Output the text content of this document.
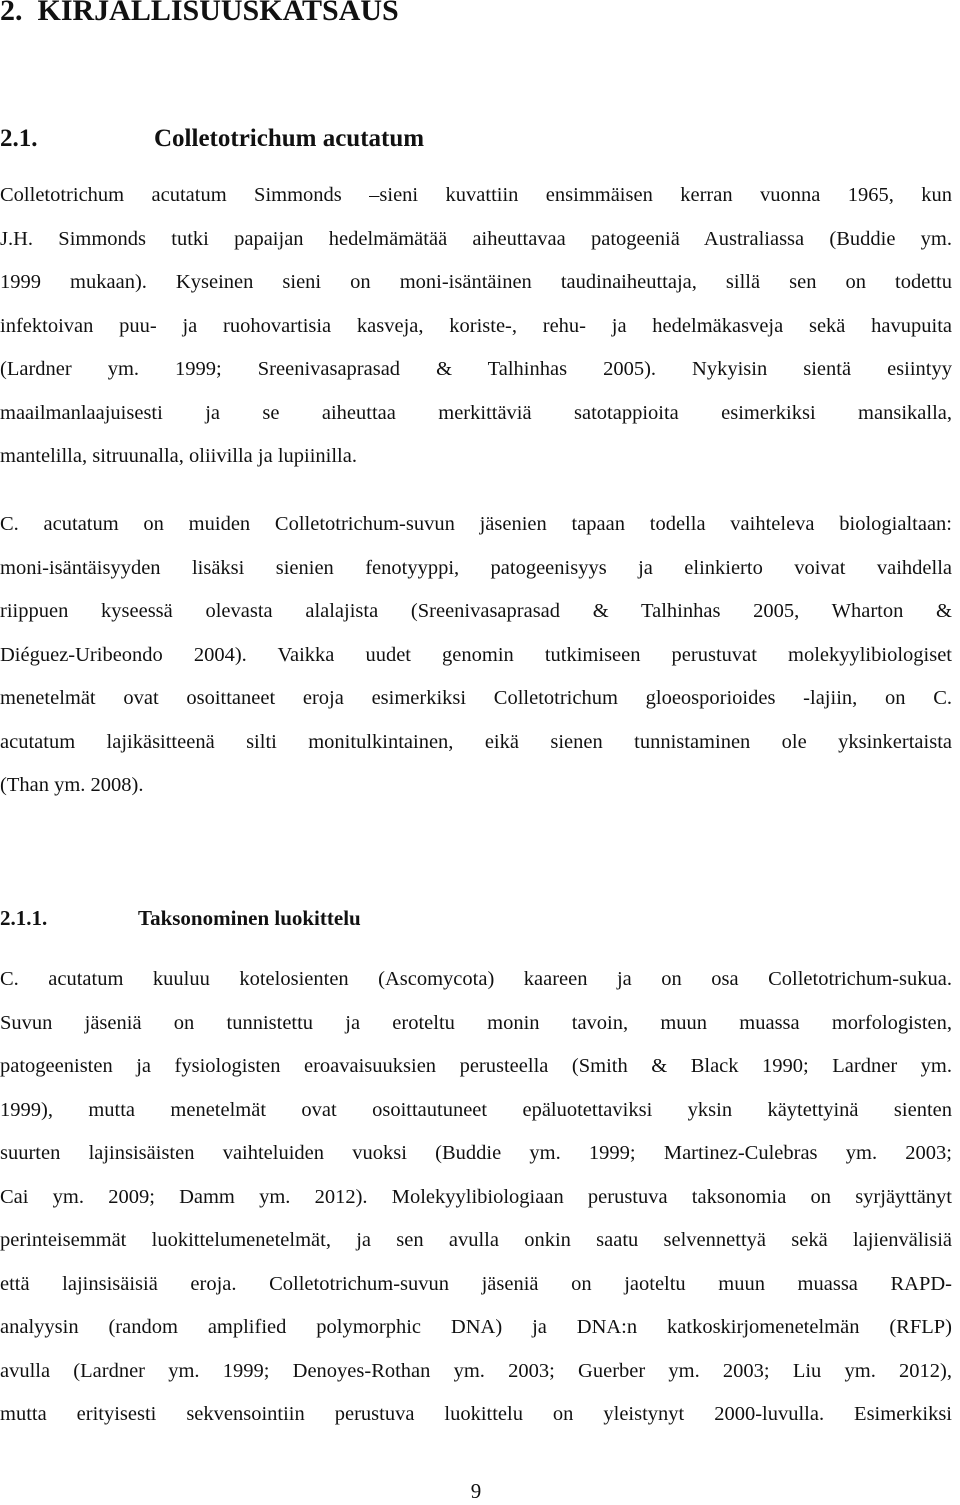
2. KIRJALLISUUSKATSAUS
2.1.	Colletotrichum acutatum
Colletotrichum acutatum Simmonds –sieni kuvattiin ensimmäisen kerran vuonna 1965, kun
J.H. Simmonds tutki papaijan hedelmämätää aiheuttavaa patogeeniä Australiassa (Buddie ym.
1999 mukaan). Kyseinen sieni on moni-isäntäinen taudinaiheuttaja, sillä sen on todettu
infektoivan puu- ja ruohovartisia kasveja, koriste-, rehu- ja hedelmäkasveja sekä havupuita
(Lardner ym. 1999; Sreenivasaprasad & Talhinhas 2005). Nykyisin sientä esiintyy
maailmanlaajuisesti ja se aiheuttaa merkittäviä satotappioita esimerkiksi mansikalla,
mantelilla, sitruunalla, oliivilla ja lupiinilla.
C. acutatum on muiden Colletotrichum-suvun jäsenien tapaan todella vaihteleva biologialtaan:
moni-isäntäisyyden lisäksi sienien fenotyyppi, patogeenisyys ja elinkierto voivat vaihdella
riippuen kyseessä olevasta alalajista (Sreenivasaprasad & Talhinhas 2005, Wharton &
Diéguez-Uribeondo 2004). Vaikka uudet genomin tutkimiseen perustuvat molekyylibiologiset
menetelmät ovat osoittaneet eroja esimerkiksi Colletotrichum gloeosporioides -lajiin, on C.
acutatum lajikäsitteenä silti monitulkintainen, eikä sienen tunnistaminen ole yksinkertaista
(Than ym. 2008).
2.1.1.	Taksonominen luokittelu
C. acutatum kuuluu kotelosienten (Ascomycota) kaareen ja on osa Colletotrichum-sukua.
Suvun jäseniä on tunnistettu ja eroteltu monin tavoin, muun muassa morfologisten,
patogeenisten ja fysiologisten eroavaisuuksien perusteella (Smith & Black 1990; Lardner ym.
1999), mutta menetelmät ovat osoittautuneet epäluotettaviksi yksin käytettyinä sienten
suurten lajinsisäisten vaihteluiden vuoksi (Buddie ym. 1999; Martinez-Culebras ym. 2003;
Cai ym. 2009; Damm ym. 2012). Molekyylibiologiaan perustuva taksonomia on syrjäyttänyt
perinteisemmät luokittelumenetelmät, ja sen avulla onkin saatu selvennettyä sekä lajienvälisiä
että lajinsisäisiä eroja. Colletotrichum-suvun jäseniä on jaoteltu muun muassa RAPD-
analyysin (random amplified polymorphic DNA) ja DNA:n katkoskirjomenetelmän (RFLP)
avulla (Lardner ym. 1999; Denoyes-Rothan ym. 2003; Guerber ym. 2003; Liu ym. 2012),
mutta erityisesti sekvensointiin perustuva luokittelu on yleistynyt 2000-luvulla. Esimerkiksi
9
